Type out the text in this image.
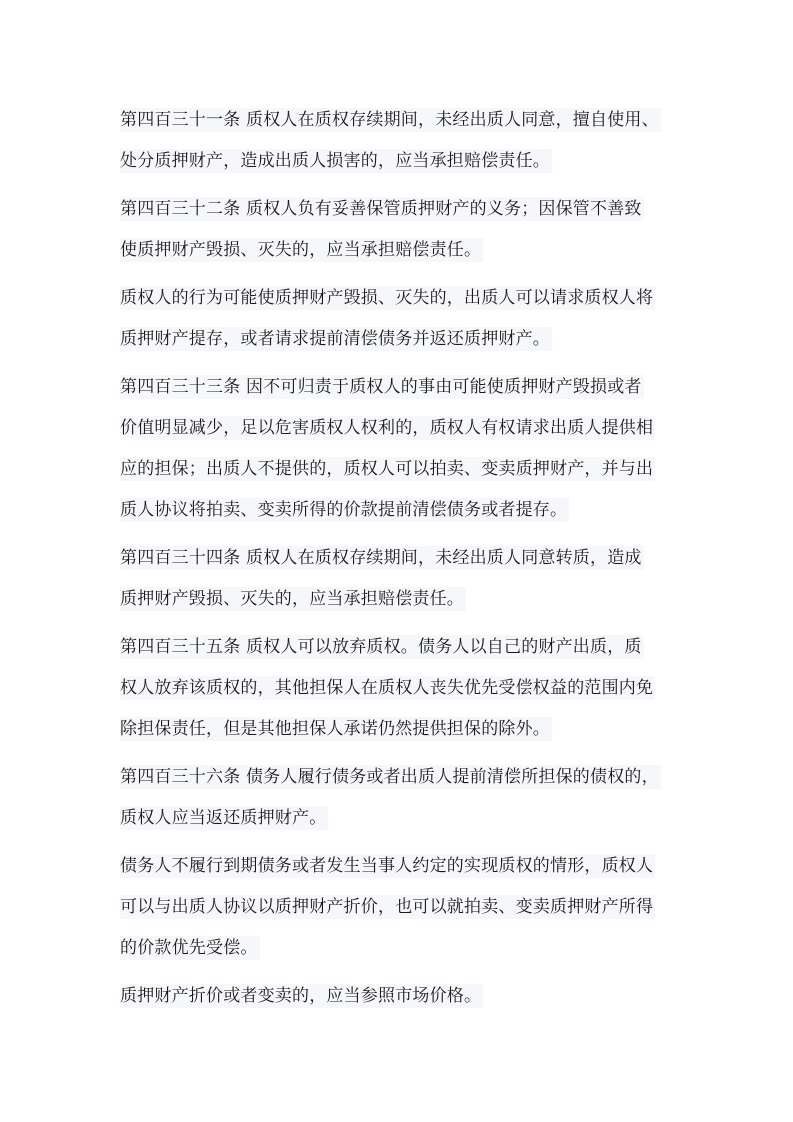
第四百三十一条 质权人在质权存续期间，未经出质人同意，擅自使用、
处分质押财产，造成出质人损害的，应当承担赔偿责任。
第四百三十二条 质权人负有妥善保管质押财产的义务；因保管不善致
使质押财产毁损、灭失的，应当承担赔偿责任。
质权人的行为可能使质押财产毁损、灭失的，出质人可以请求质权人将
质押财产提存，或者请求提前清偿债务并返还质押财产。
第四百三十三条 因不可归责于质权人的事由可能使质押财产毁损或者
价值明显减少，足以危害质权人权利的，质权人有权请求出质人提供相
应的担保；出质人不提供的，质权人可以拍卖、变卖质押财产，并与出
质人协议将拍卖、变卖所得的价款提前清偿债务或者提存。
第四百三十四条 质权人在质权存续期间，未经出质人同意转质，造成
质押财产毁损、灭失的，应当承担赔偿责任。
第四百三十五条 质权人可以放弃质权。债务人以自己的财产出质，质
权人放弃该质权的，其他担保人在质权人丧失优先受偿权益的范围内免
除担保责任，但是其他担保人承诺仍然提供担保的除外。
第四百三十六条 债务人履行债务或者出质人提前清偿所担保的债权的，
质权人应当返还质押财产。
债务人不履行到期债务或者发生当事人约定的实现质权的情形，质权人
可以与出质人协议以质押财产折价，也可以就拍卖、变卖质押财产所得
的价款优先受偿。
质押财产折价或者变卖的，应当参照市场价格。
